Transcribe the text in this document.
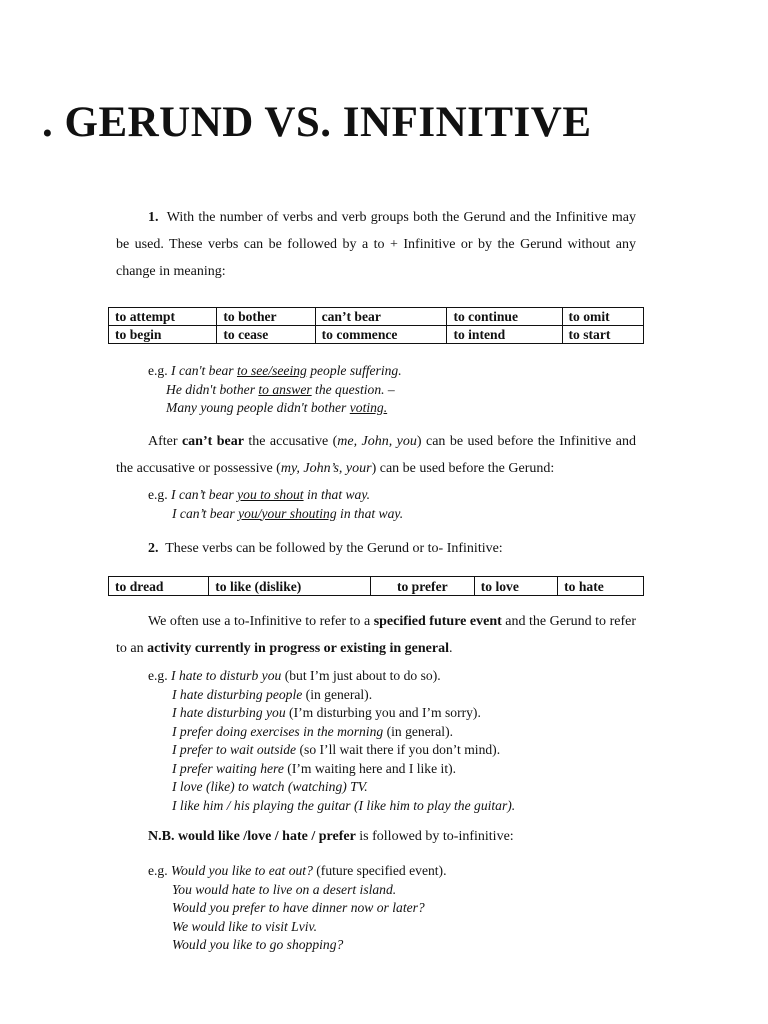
. GERUND VS. INFINITIVE

1. With the number of verbs and verb groups both the Gerund and the Infinitive may be used. These verbs can be followed by a to + Infinitive or by the Gerund without any change in meaning:

to attempt	to bother	can’t bear	to continue	to omit
to begin	to cease	to commence	to intend	to start
e.g. I can't bear to see/seeing people suffering.
He didn't bother to answer the question. –
Many young people didn't bother voting.

After can’t bear the accusative (me, John, you) can be used before the Infinitive and the accusative or possessive (my, John’s, your) can be used before the Gerund:

e.g. I can’t bear you to shout in that way.
I can’t bear you/your shouting in that way.

2. These verbs can be followed by the Gerund or to- Infinitive:

to dread	to like (dislike)	to prefer	to love	to hate

We often use a to-Infinitive to refer to a specified future event and the Gerund to refer to an activity currently in progress or existing in general.

e.g. I hate to disturb you (but I’m just about to do so).
I hate disturbing people (in general).
I hate disturbing you (I’m disturbing you and I’m sorry).
I prefer doing exercises in the morning (in general).
I prefer to wait outside (so I’ll wait there if you don’t mind).
I prefer waiting here (I’m waiting here and I like it).
I love (like) to watch (watching) TV.
I like him / his playing the guitar (I like him to play the guitar).

N.B. would like /love / hate / prefer is followed by to-infinitive:

e.g. Would you like to eat out? (future specified event).
You would hate to live on a desert island.
Would you prefer to have dinner now or later?
We would like to visit Lviv.
Would you like to go shopping?
